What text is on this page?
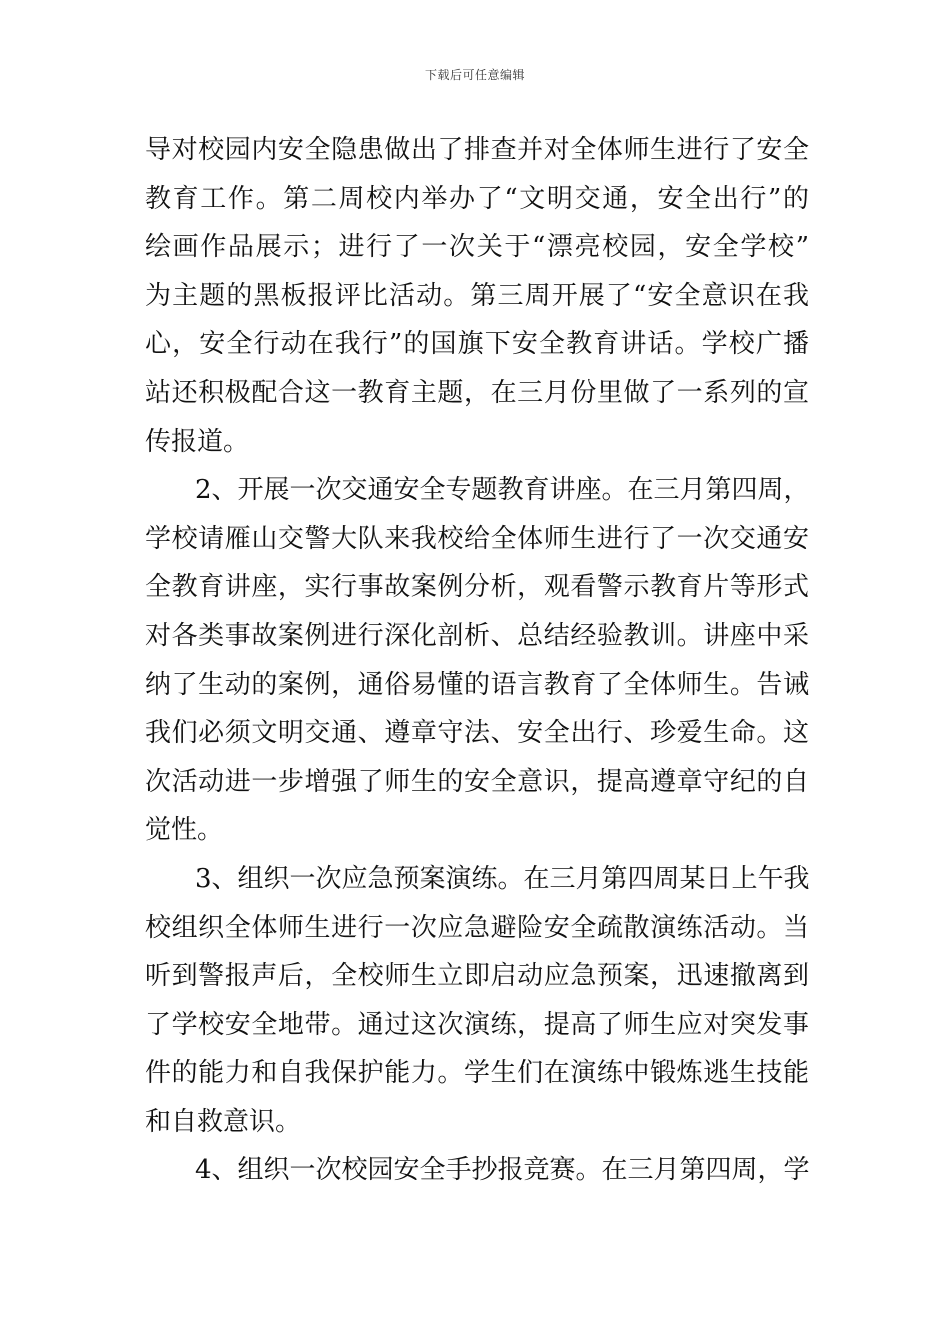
下载后可任意编辑
导对校园内安全隐患做出了排查并对全体师生进行了安全
教育工作。第二周校内举办了“文明交通，安全出行”的
绘画作品展示；进行了一次关于“漂亮校园，安全学校”
为主题的黑板报评比活动。第三周开展了“安全意识在我
心，安全行动在我行”的国旗下安全教育讲话。学校广播
站还积极配合这一教育主题，在三月份里做了一系列的宣
传报道。
2、开展一次交通安全专题教育讲座。在三月第四周，
学校请雁山交警大队来我校给全体师生进行了一次交通安
全教育讲座，实行事故案例分析，观看警示教育片等形式
对各类事故案例进行深化剖析、总结经验教训。讲座中采
纳了生动的案例，通俗易懂的语言教育了全体师生。告诫
我们必须文明交通、遵章守法、安全出行、珍爱生命。这
次活动进一步增强了师生的安全意识，提高遵章守纪的自
觉性。
3、组织一次应急预案演练。在三月第四周某日上午我
校组织全体师生进行一次应急避险安全疏散演练活动。当
听到警报声后，全校师生立即启动应急预案，迅速撤离到
了学校安全地带。通过这次演练，提高了师生应对突发事
件的能力和自我保护能力。学生们在演练中锻炼逃生技能
和自救意识。
4、组织一次校园安全手抄报竞赛。在三月第四周，学
